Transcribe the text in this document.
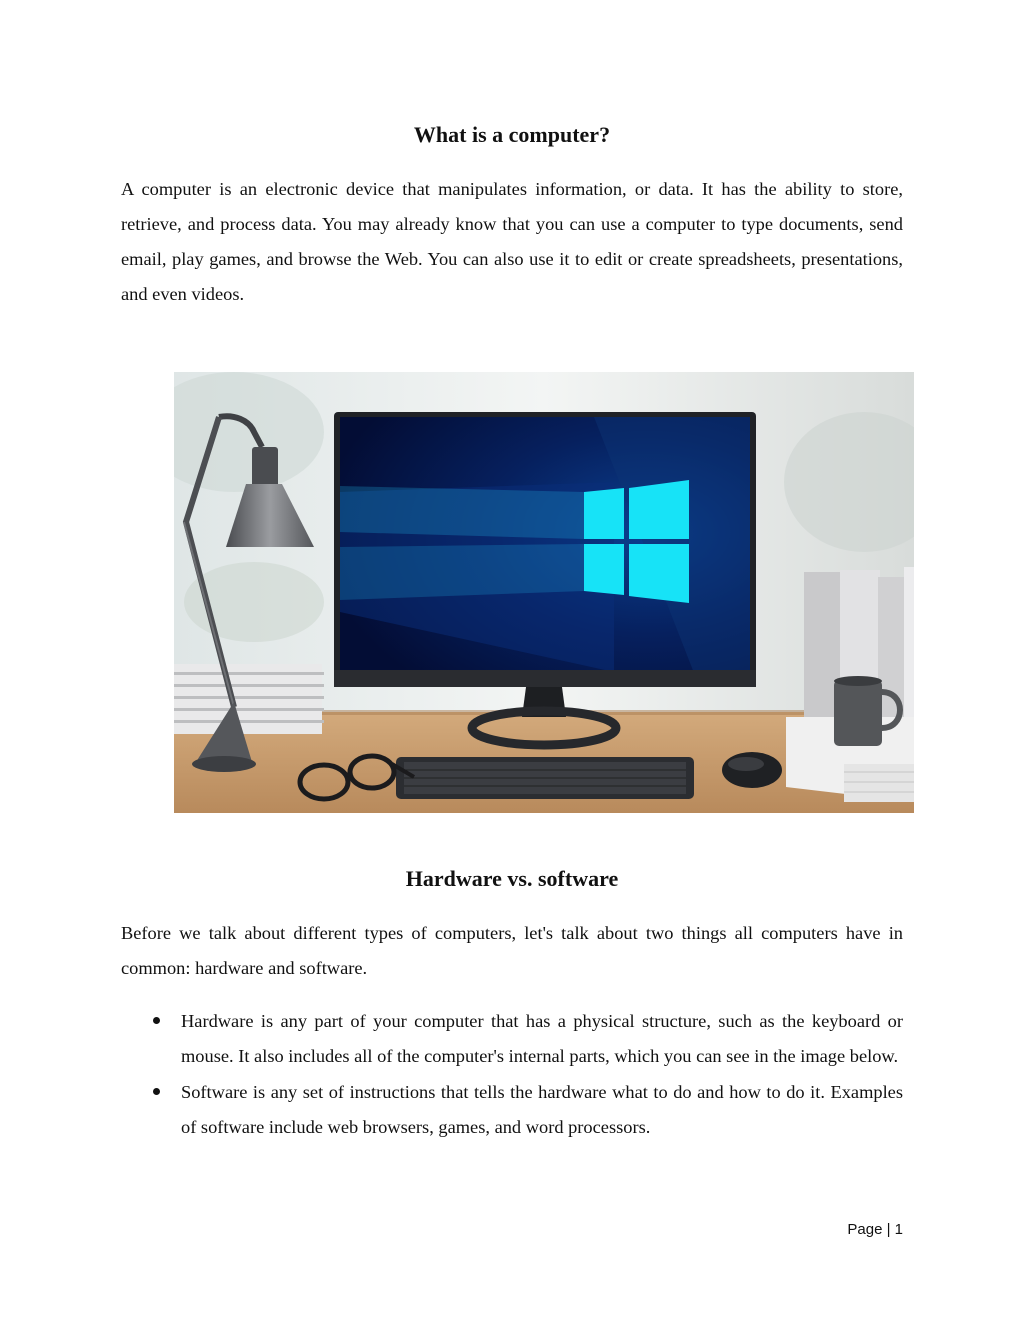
What is a computer?

A computer is an electronic device that manipulates information, or data. It has the ability to store, retrieve, and process data. You may already know that you can use a computer to type documents, send email, play games, and browse the Web. You can also use it to edit or create spreadsheets, presentations, and even videos.

Hardware vs. software

Before we talk about different types of computers, let's talk about two things all computers have in common: hardware and software.

Hardware is any part of your computer that has a physical structure, such as the keyboard or mouse. It also includes all of the computer's internal parts, which you can see in the image below.
Software is any set of instructions that tells the hardware what to do and how to do it. Examples of software include web browsers, games, and word processors.
Page | 1
